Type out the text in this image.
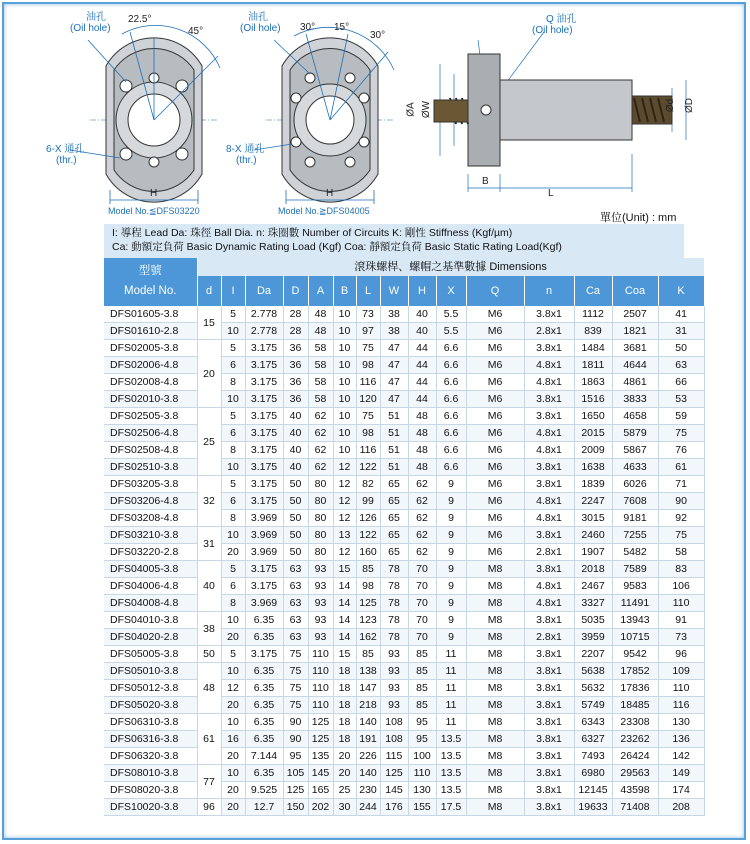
油孔
(Oil hole)
22.5°
45°
6-X 通孔
(thr.)
H
Model No.≦DFS03220
油孔
(Oil hole) 30° 15°
30°
8-X 通孔
(thr.)
H
Model No.≧DFS04005
Q 油孔
(Oil hole)
ØA ØW	Ød ØD
B
L
單位(Unit) : mm
I: 導程 Lead Da: 珠徑 Ball Dia. n: 珠圈數 Number of Circuits K: 剛性 Stiffness (Kgf/µm)
Ca: 動額定負荷 Basic Dynamic Rating Load (Kgf) Coa: 靜額定負荷 Basic Static Rating Load(Kgf)
型號
Model No.	滾珠螺桿、螺帽之基準數據 Dimensions														
	d	I	Da	D	A	B	L	W	H	X	Q	n	Ca	Coa	K
DFS01605-3.8	15	5	2.778	28	48	10	73	38	40	5.5	M6	3.8x1	1112	2507	41
DFS01610-2.8		10	2.778	28	48	10	97	38	40	5.5	M6	2.8x1	839	1821	31
DFS02005-3.8	20	5	3.175	36	58	10	75	47	44	6.6	M6	3.8x1	1484	3681	50
DFS02006-4.8		6	3.175	36	58	10	98	47	44	6.6	M6	4.8x1	1811	4644	63
DFS02008-4.8		8	3.175	36	58	10	116	47	44	6.6	M6	4.8x1	1863	4861	66
DFS02010-3.8		10	3.175	36	58	10	120	47	44	6.6	M6	3.8x1	1516	3833	53
DFS02505-3.8	25	5	3.175	40	62	10	75	51	48	6.6	M6	3.8x1	1650	4658	59
DFS02506-4.8		6	3.175	40	62	10	98	51	48	6.6	M6	4.8x1	2015	5879	75
DFS02508-4.8		8	3.175	40	62	10	116	51	48	6.6	M6	4.8x1	2009	5867	76
DFS02510-3.8		10	3.175	40	62	12	122	51	48	6.6	M6	3.8x1	1638	4633	61
DFS03205-3.8	32	5	3.175	50	80	12	82	65	62	9	M6	3.8x1	1839	6026	71
DFS03206-4.8		6	3.175	50	80	12	99	65	62	9	M6	4.8x1	2247	7608	90
DFS03208-4.8		8	3.969	50	80	12	126	65	62	9	M6	4.8x1	3015	9181	92
DFS03210-3.8	31	10	3.969	50	80	13	122	65	62	9	M6	3.8x1	2460	7255	75
DFS03220-2.8		20	3.969	50	80	12	160	65	62	9	M6	2.8x1	1907	5482	58
DFS04005-3.8	40	5	3.175	63	93	15	85	78	70	9	M8	3.8x1	2018	7589	83
DFS04006-4.8		6	3.175	63	93	14	98	78	70	9	M8	4.8x1	2467	9583	106
DFS04008-4.8		8	3.969	63	93	14	125	78	70	9	M8	4.8x1	3327	11491	110
DFS04010-3.8	38	10	6.35	63	93	14	123	78	70	9	M8	3.8x1	5035	13943	91
DFS04020-2.8		20	6.35	63	93	14	162	78	70	9	M8	2.8x1	3959	10715	73
DFS05005-3.8	50	5	3.175	75	110	15	85	93	85	11	M8	3.8x1	2207	9542	96
DFS05010-3.8	48	10	6.35	75	110	18	138	93	85	11	M8	3.8x1	5638	17852	109
DFS05012-3.8		12	6.35	75	110	18	147	93	85	11	M8	3.8x1	5632	17836	110
DFS05020-3.8		20	6.35	75	110	18	218	93	85	11	M8	3.8x1	5749	18485	116
DFS06310-3.8	61	10	6.35	90	125	18	140	108	95	11	M8	3.8x1	6343	23308	130
DFS06316-3.8		16	6.35	90	125	18	191	108	95	13.5	M8	3.8x1	6327	23262	136
DFS06320-3.8		20	7.144	95	135	20	226	115	100	13.5	M8	3.8x1	7493	26424	142
DFS08010-3.8	77	10	6.35	105	145	20	140	125	110	13.5	M8	3.8x1	6980	29563	149
DFS08020-3.8		20	9.525	125	165	25	230	145	130	13.5	M8	3.8x1	12145	43598	174
DFS10020-3.8	96	20	12.7	150	202	30	244	176	155	17.5	M8	3.8x1	19633	71408	208
